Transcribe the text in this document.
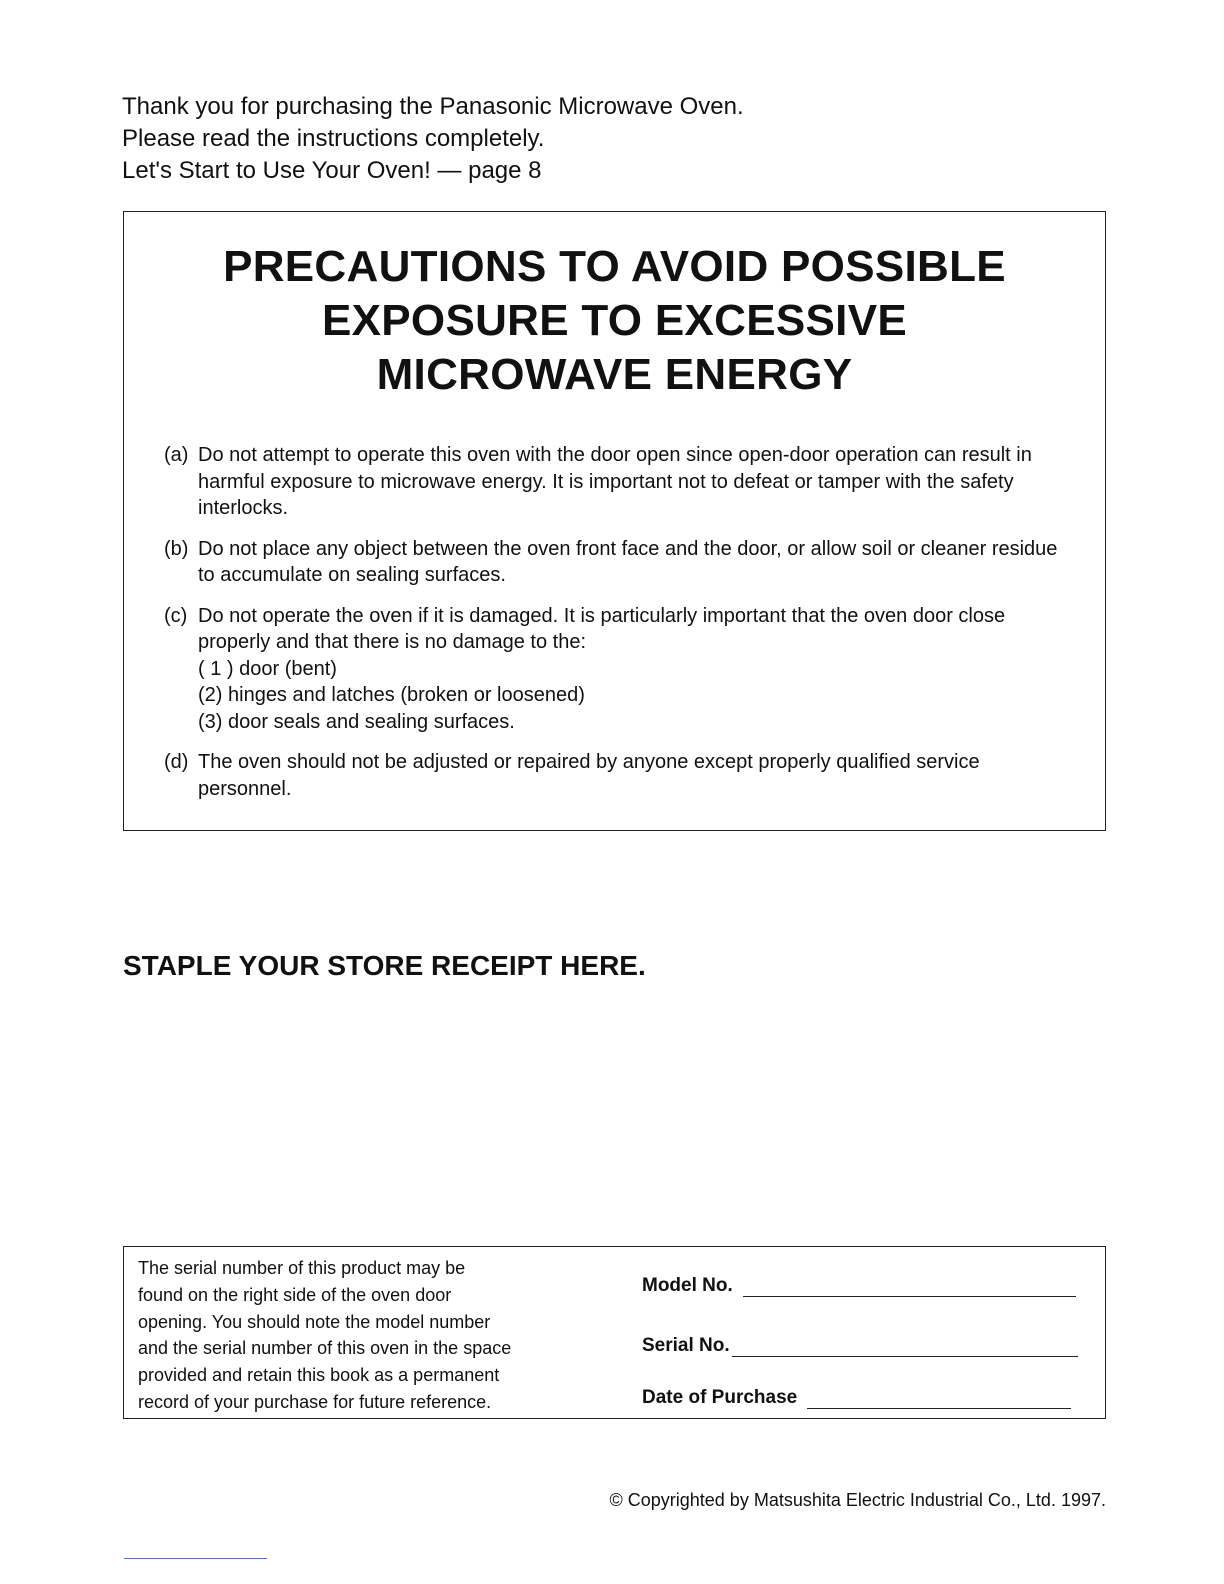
Thank you for purchasing the Panasonic Microwave Oven.
Please read the instructions completely.
Let's Start to Use Your Oven! — page 8
PRECAUTIONS TO AVOID POSSIBLE
EXPOSURE TO EXCESSIVE
MICROWAVE ENERGY
(a) Do not attempt to operate this oven with the door open since open-door operation can result in harmful exposure to microwave energy. It is important not to defeat or tamper with the safety interlocks.
(b) Do not place any object between the oven front face and the door, or allow soil or cleaner residue to accumulate on sealing surfaces.
(c) Do not operate the oven if it is damaged. It is particularly important that the oven door close properly and that there is no damage to the:
( 1 ) door (bent)
(2) hinges and latches (broken or loosened)
(3) door seals and sealing surfaces.
(d) The oven should not be adjusted or repaired by anyone except properly qualified service personnel.
STAPLE YOUR STORE RECEIPT HERE.
The serial number of this product may be
found on the right side of the oven door
opening. You should note the model number
and the serial number of this oven in the space
provided and retain this book as a permanent
record of your purchase for future reference.
Model No.
Serial No.
Date of Purchase
© Copyrighted by Matsushita Electric Industrial Co., Ltd. 1997.
